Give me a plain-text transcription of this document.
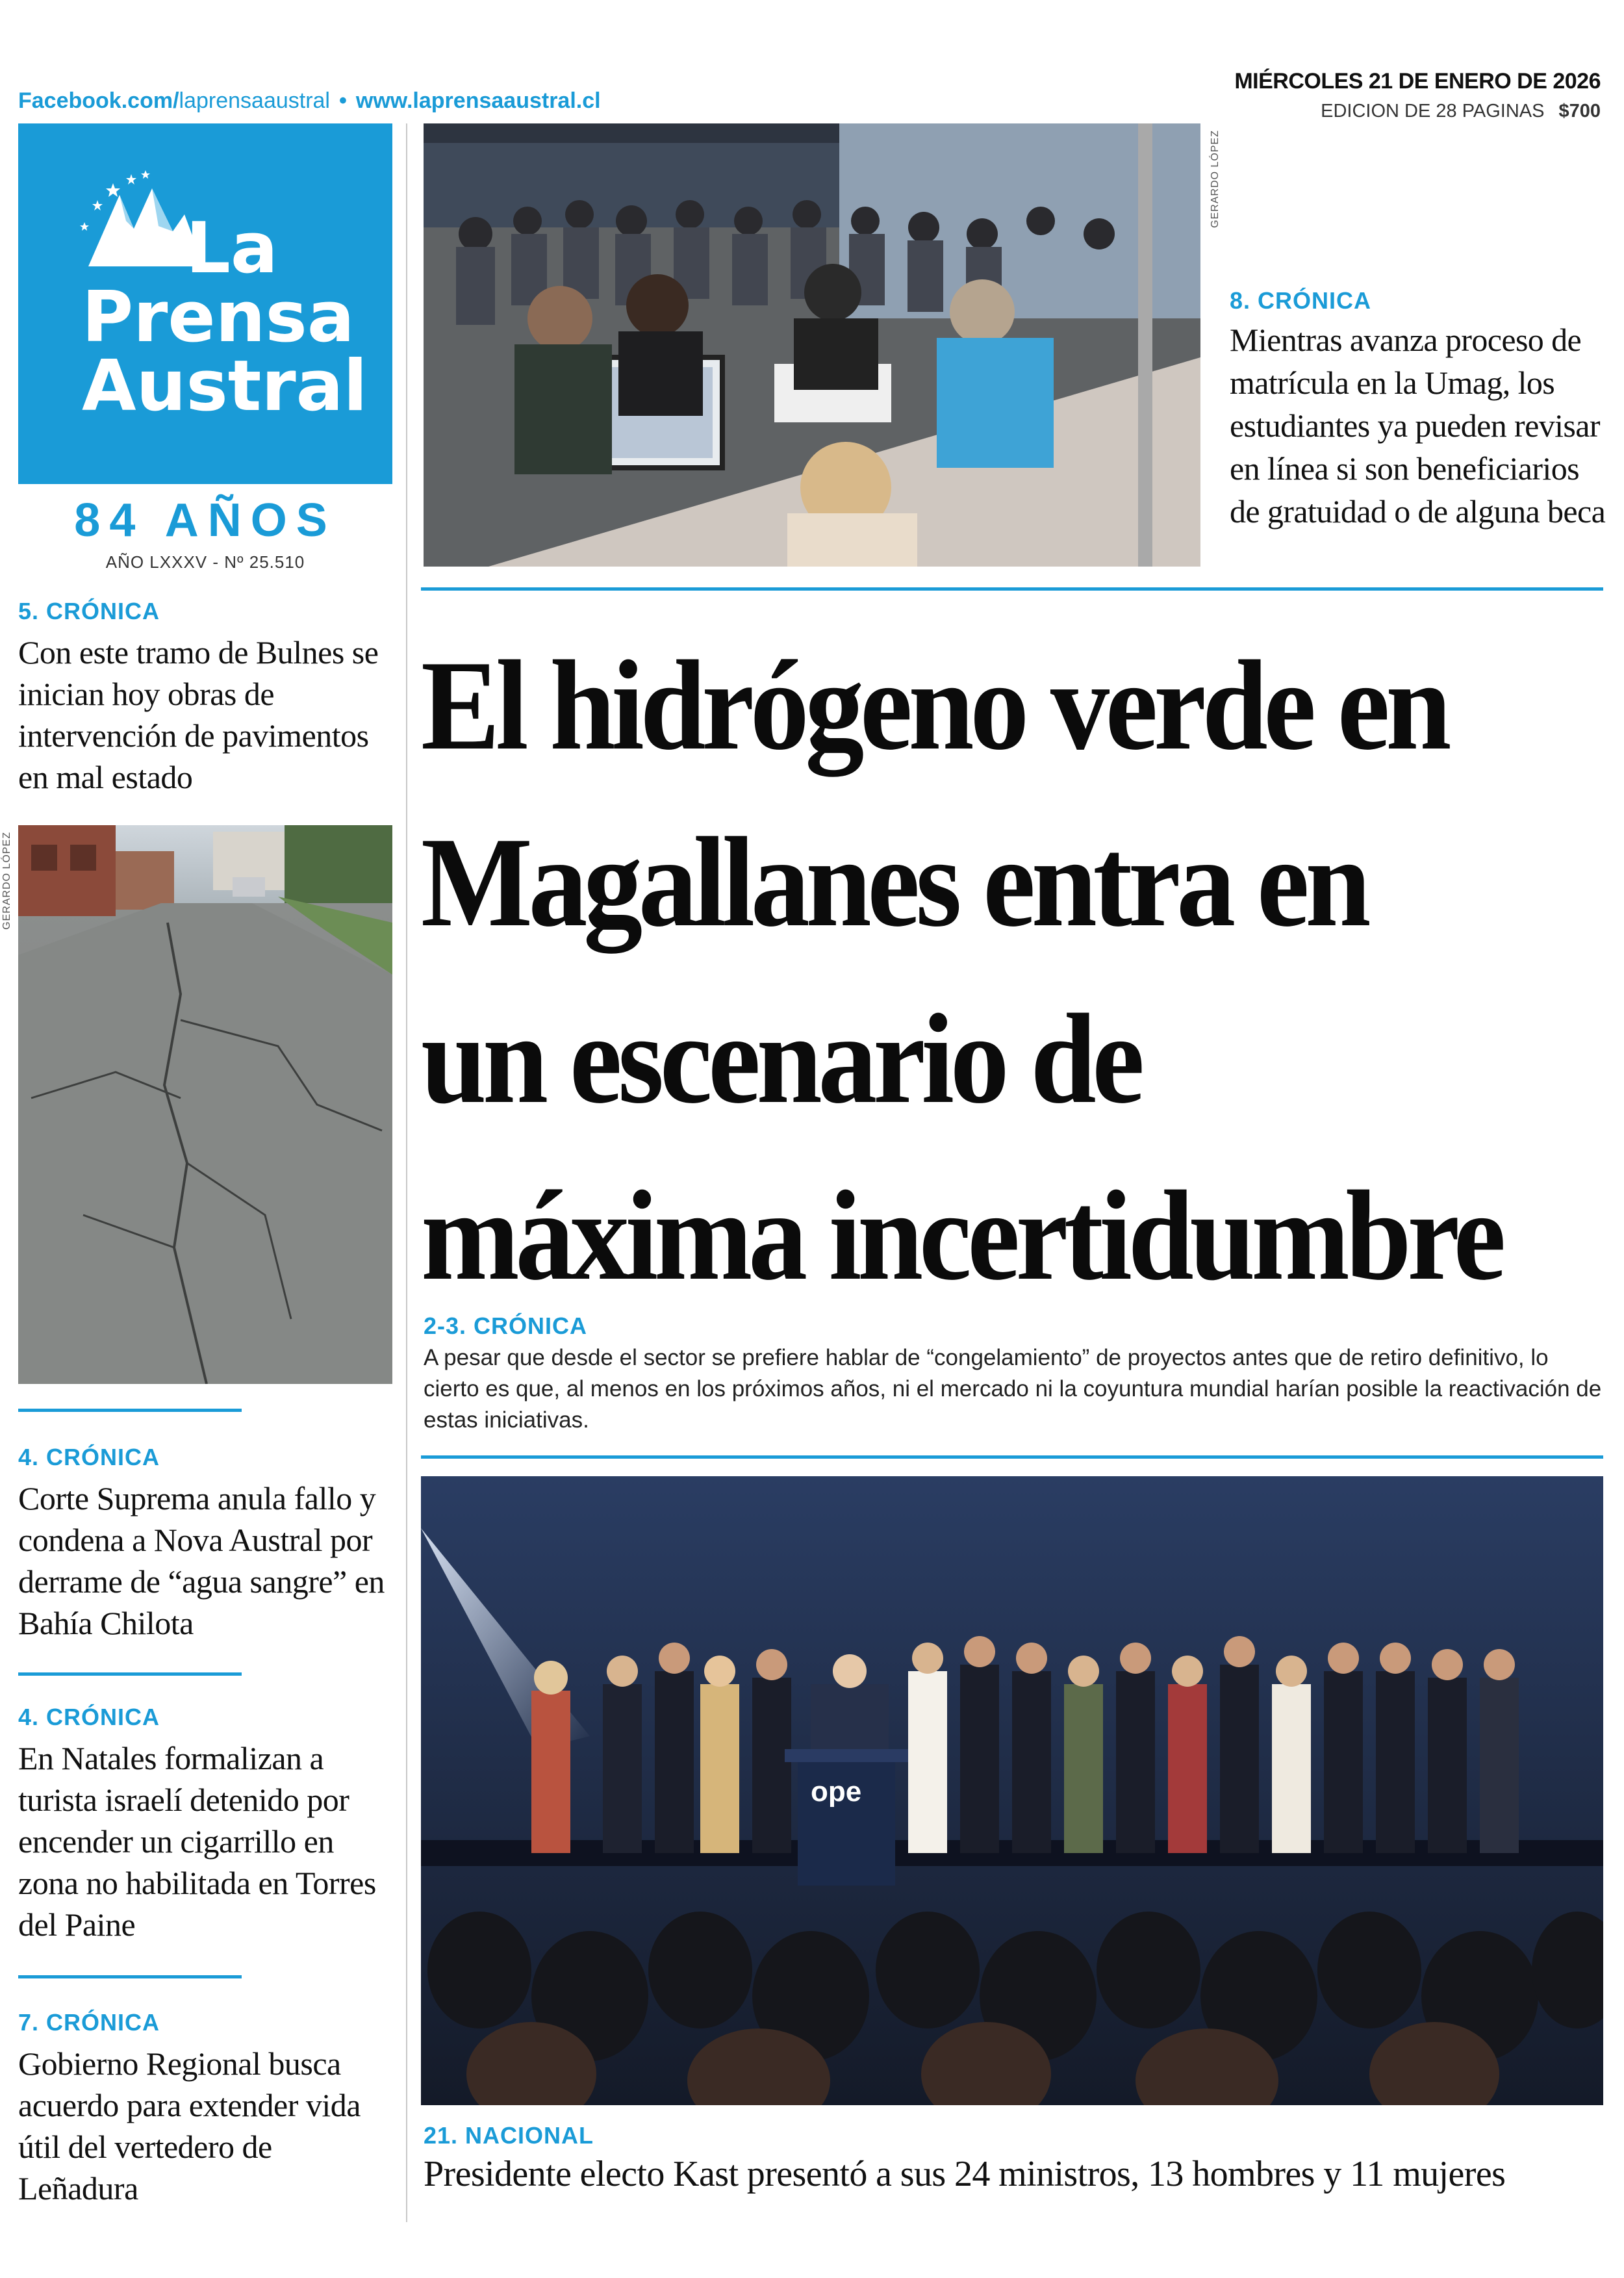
Facebook.com/laprensaaustral • www.laprensaaustral.cl
MIÉRCOLES 21 DE ENERO DE 2026
EDICION DE 28 PAGINAS $700
La
Prensa
Austral
84 AÑOS
AÑO LXXXV - Nº 25.510
5. CRÓNICA
Con este tramo de Bulnes se inician hoy obras de intervención de pavimentos en mal estado
GERARDO LÓPEZ
4. CRÓNICA
Corte Suprema anula fallo y condena a Nova Austral por derrame de “agua sangre” en Bahía Chilota
4. CRÓNICA
En Natales formalizan a turista israelí detenido por encender un cigarrillo en zona no habilitada en Torres del Paine
7. CRÓNICA
Gobierno Regional busca acuerdo para extender vida útil del vertedero de Leñadura
GERARDO LÓPEZ
8. CRÓNICA
Mientras avanza proceso de matrícula en la Umag, los estudiantes ya pueden revisar en línea si son beneficiarios de gratuidad o de alguna beca
El hidrógeno verde en Magallanes entra en un escenario de máxima incertidumbre
2-3. CRÓNICA
A pesar que desde el sector se prefiere hablar de “congelamiento” de proyectos antes que de retiro definitivo, lo cierto es que, al menos en los próximos años, ni el mercado ni la coyuntura mundial harían posible la reactivación de estas iniciativas.
ope
21. NACIONAL
Presidente electo Kast presentó a sus 24 ministros, 13 hombres y 11 mujeres
